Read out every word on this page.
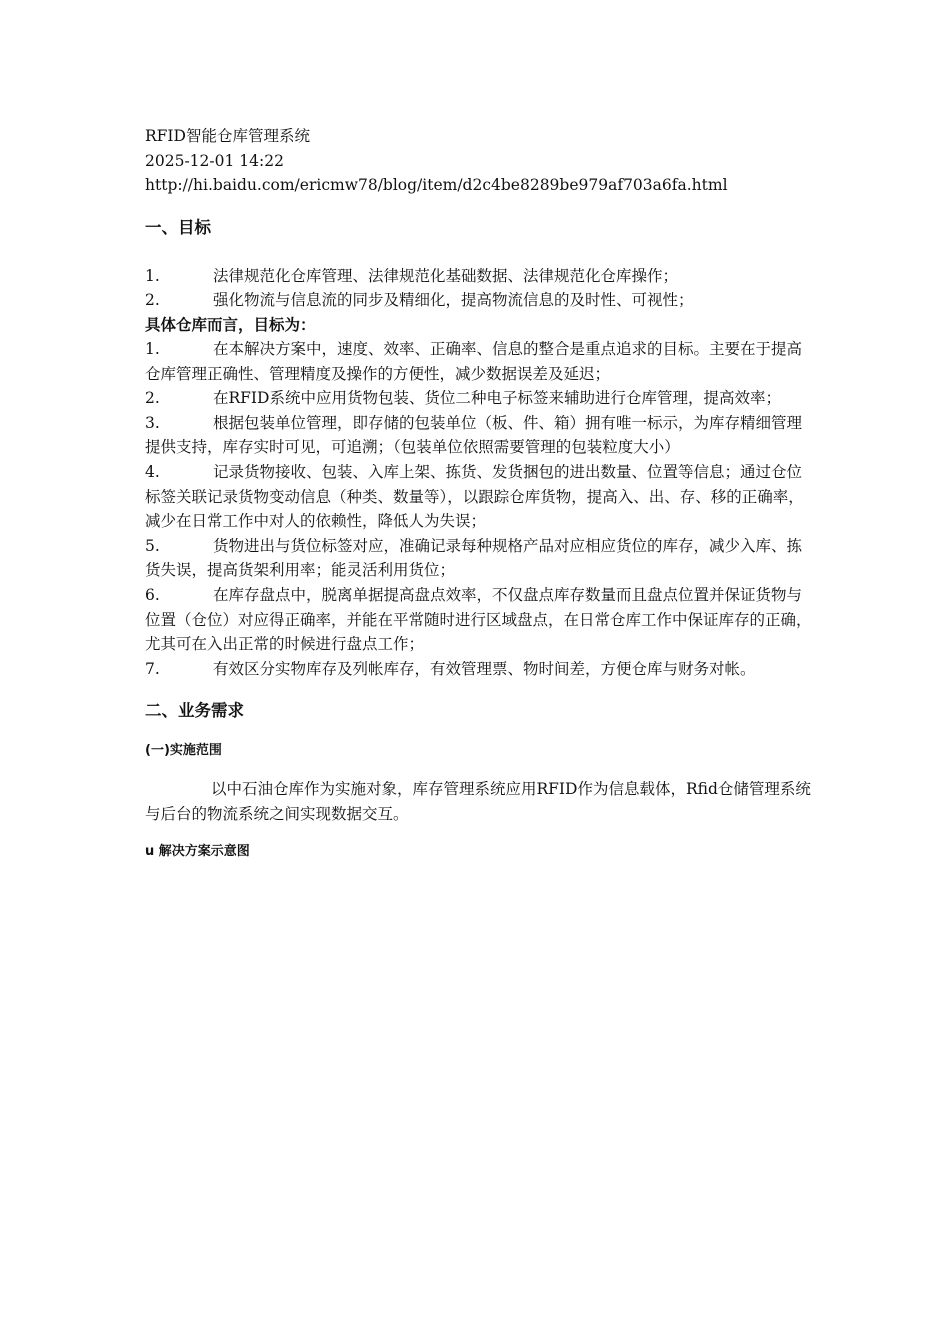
RFID智能仓库管理系统
2025-12-01 14:22
http://hi.baidu.com/ericmw78/blog/item/d2c4be8289be979af703a6fa.html
一、目标

1.	法律规范化仓库管理、法律规范化基础数据、法律规范化仓库操作；

2.	强化物流与信息流的同步及精细化，提高物流信息的及时性、可视性；

具体仓库而言，目标为：

1.	在本解决方案中，速度、效率、正确率、信息的整合是重点追求的目标。主要在于提高仓库管理正确性、管理精度及操作的方便性，减少数据误差及延迟；

2.	在RFID系统中应用货物包装、货位二种电子标签来辅助进行仓库管理，提高效率；

3.	根据包装单位管理，即存储的包装单位（板、件、箱）拥有唯一标示，为库存精细管理提供支持，库存实时可见，可追溯；（包装单位依照需要管理的包装粒度大小）

4.	记录货物接收、包装、入库上架、拣货、发货捆包的进出数量、位置等信息；通过仓位标签关联记录货物变动信息（种类、数量等），以跟踪仓库货物，提高入、出、存、移的正确率，减少在日常工作中对人的依赖性，降低人为失误；

5.	货物进出与货位标签对应，准确记录每种规格产品对应相应货位的库存，减少入库、拣货失误，提高货架利用率；能灵活利用货位；

6.	在库存盘点中，脱离单据提高盘点效率，不仅盘点库存数量而且盘点位置并保证货物与位置（仓位）对应得正确率，并能在平常随时进行区域盘点，在日常仓库工作中保证库存的正确，尤其可在入出正常的时候进行盘点工作；

7.	有效区分实物库存及列帐库存，有效管理票、物时间差，方便仓库与财务对帐。

二、业务需求
(一)实施范围

以中石油仓库作为实施对象，库存管理系统应用RFID作为信息载体，Rfid仓储管理系统与后台的物流系统之间实现数据交互。

u 解决方案示意图
